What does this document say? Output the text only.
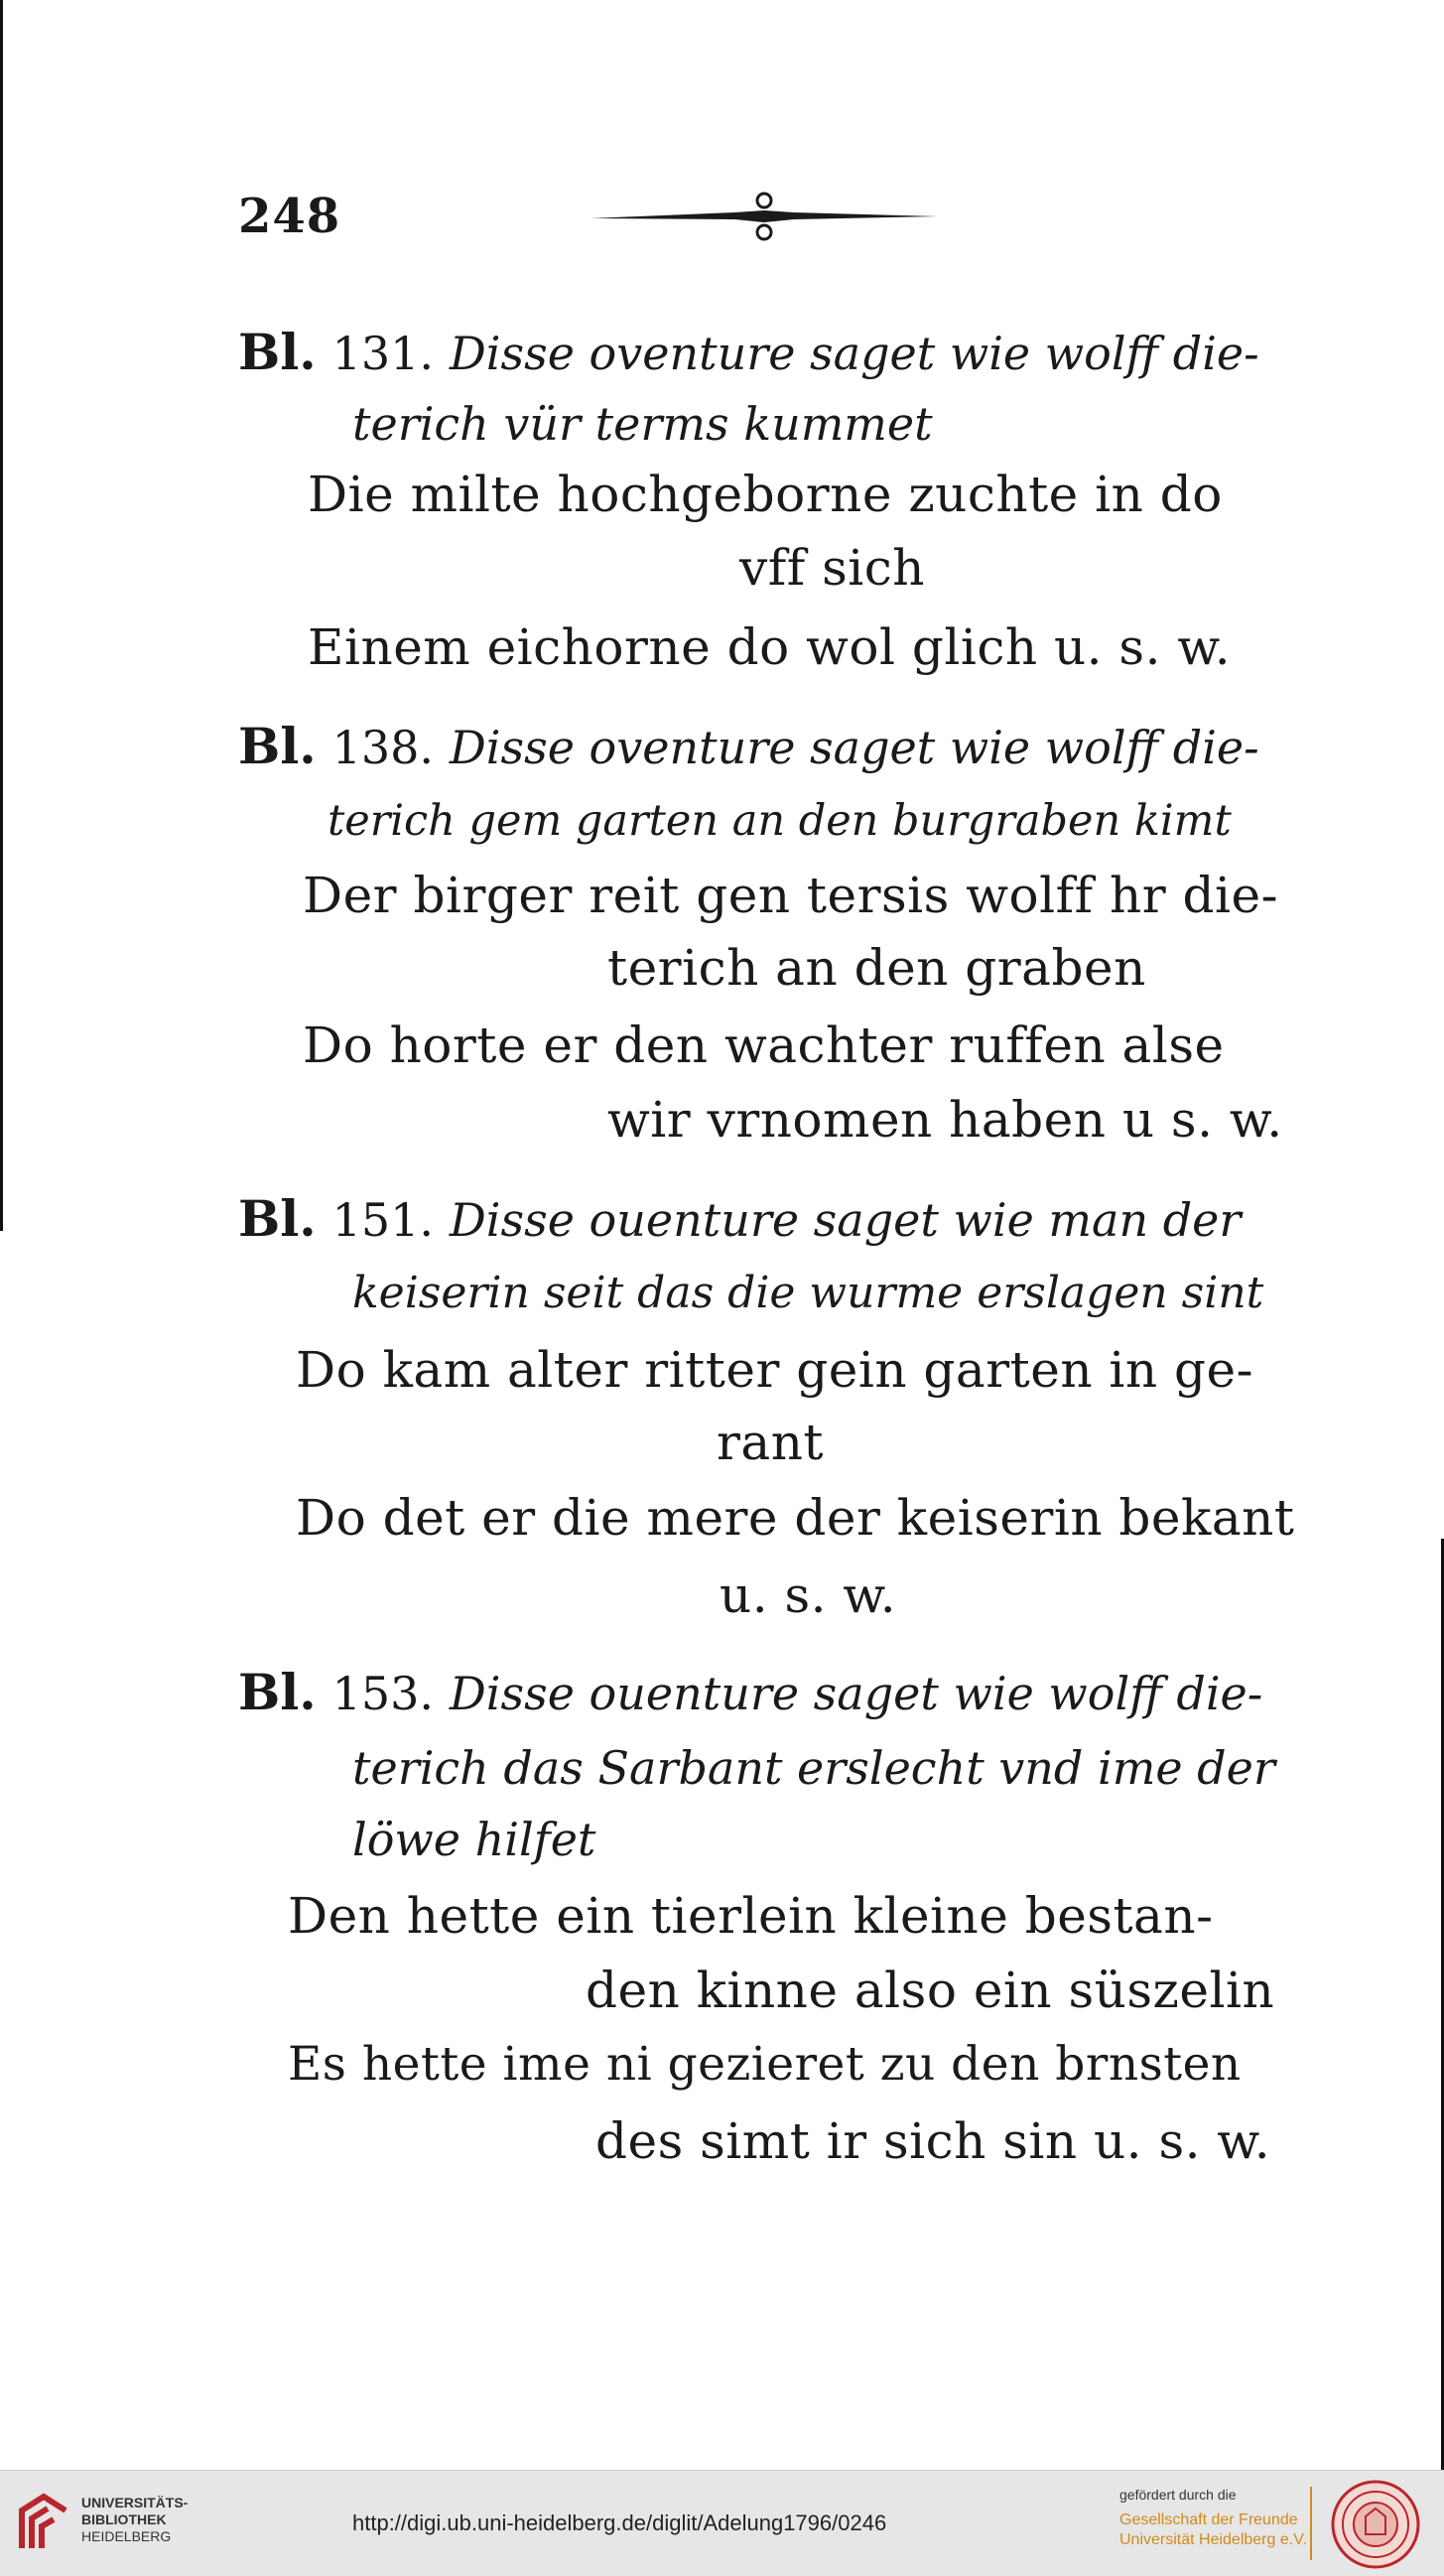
248
Bl. 131. Disse oventure saget wie wolff die-
terich vür terms kummet
Die milte hochgeborne zuchte in do
vff sich
Einem eichorne do wol glich u. s. w.
Bl. 138. Disse oventure saget wie wolff die-
terich gem garten an den burgraben kimt
Der birger reit gen tersis wolff hr die-
terich an den graben
Do horte er den wachter ruffen alse
wir vrnomen haben u s. w.
Bl. 151. Disse ouenture saget wie man der
keiserin seit das die wurme erslagen sint
Do kam alter ritter gein garten in ge-
rant
Do det er die mere der keiserin bekant
u. s. w.
Bl. 153. Disse ouenture saget wie wolff die-
terich das Sarbant erslecht vnd ime der
löwe hilfet
Den hette ein tierlein kleine bestan-
den kinne also ein süszelin
Es hette ime ni gezieret zu den brnsten
des simt ir sich sin u. s. w.
UNIVERSITÄTS-
BIBLIOTHEK
HEIDELBERG
http://digi.ub.uni-heidelberg.de/diglit/Adelung1796/0246
gefördert durch die
Gesellschaft der Freunde
Universität Heidelberg e.V.
